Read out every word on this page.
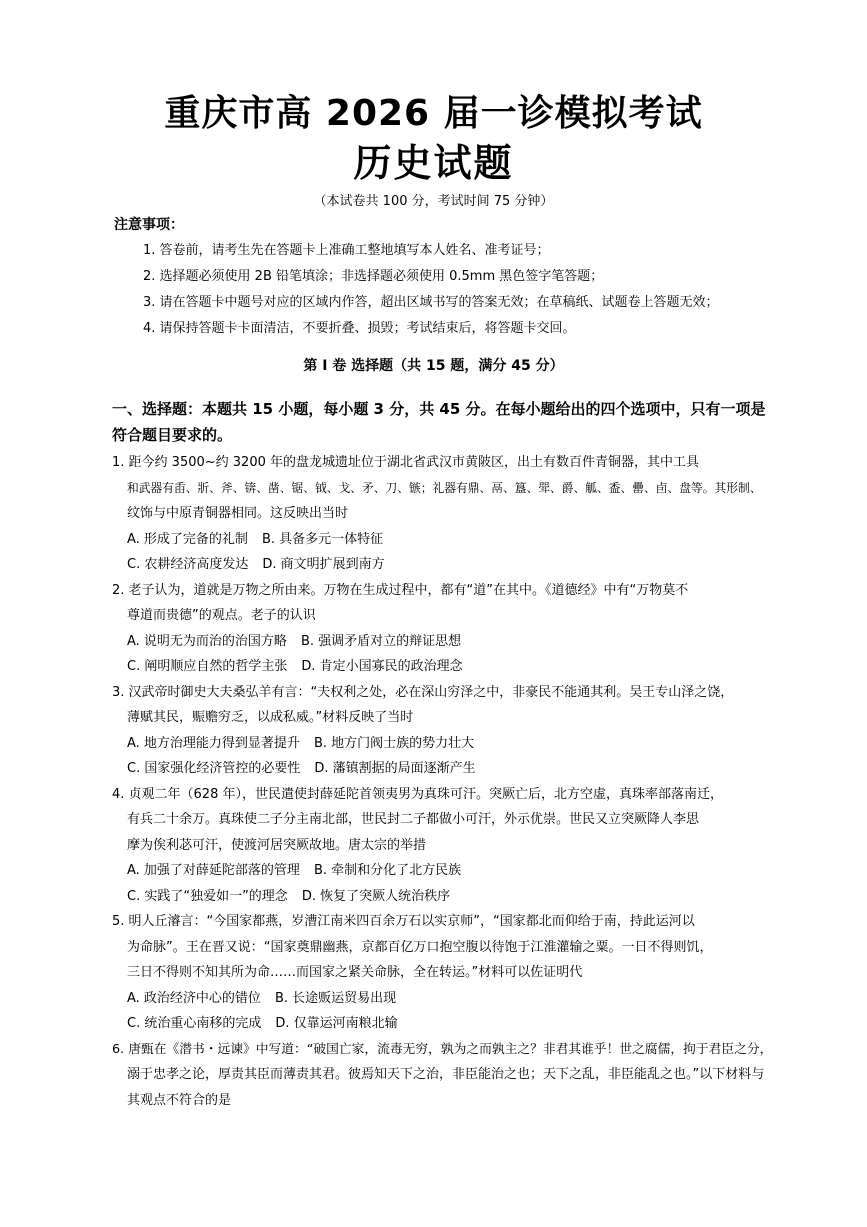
重庆市高 2026 届一诊模拟考试
历史试题
（本试卷共 100 分，考试时间 75 分钟）
注意事项：
1. 答卷前，请考生先在答题卡上准确工整地填写本人姓名、准考证号；
2. 选择题必须使用 2B 铅笔填涂；非选择题必须使用 0.5mm 黑色签字笔答题；
3. 请在答题卡中题号对应的区域内作答，超出区域书写的答案无效；在草稿纸、试题卷上答题无效；
4. 请保持答题卡卡面清洁，不要折叠、损毁；考试结束后，将答题卡交回。
第 Ⅰ 卷 选择题（共 15 题，满分 45 分）
一、选择题：本题共 15 小题，每小题 3 分，共 45 分。在每小题给出的四个选项中，只有一项是
符合题目要求的。
1. 距今约 3500~约 3200 年的盘龙城遗址位于湖北省武汉市黄陂区，出土有数百件青铜器，其中工具
和武器有臿、斨、斧、锛、凿、锯、钺、戈、矛、刀、镞；礼器有鼎、鬲、簋、斝、爵、觚、盉、罍、卣、盘等。其形制、
纹饰与中原青铜器相同。这反映出当时
A. 形成了完备的礼制 B. 具备多元一体特征
C. 农耕经济高度发达 D. 商文明扩展到南方
2. 老子认为，道就是万物之所由来。万物在生成过程中，都有“道”在其中。《道德经》中有“万物莫不
尊道而贵德”的观点。老子的认识
A. 说明无为而治的治国方略 B. 强调矛盾对立的辩证思想
C. 阐明顺应自然的哲学主张 D. 肯定小国寡民的政治理念
3. 汉武帝时御史大夫桑弘羊有言：“夫权利之处，必在深山穷泽之中，非豪民不能通其利。吴王专山泽之饶，
薄赋其民，赈赡穷乏，以成私威。”材料反映了当时
A. 地方治理能力得到显著提升 B. 地方门阀士族的势力壮大
C. 国家强化经济管控的必要性 D. 藩镇割据的局面逐渐产生
4. 贞观二年（628 年），世民遣使封薛延陀首领夷男为真珠可汗。突厥亡后，北方空虚，真珠率部落南迁，
有兵二十余万。真珠使二子分主南北部，世民封二子都做小可汗，外示优崇。世民又立突厥降人李思
摩为俟利苾可汗，使渡河居突厥故地。唐太宗的举措
A. 加强了对薛延陀部落的管理 B. 牵制和分化了北方民族
C. 实践了“独爱如一”的理念 D. 恢复了突厥人统治秩序
5. 明人丘濬言：“今国家都燕，岁漕江南米四百余万石以实京师”，“国家都北而仰给于南，持此运河以
为命脉”。王在晋又说：“国家奠鼎幽燕，京都百亿万口抱空腹以待饱于江淮灌输之粟。一日不得则饥，
三日不得则不知其所为命……而国家之紧关命脉，全在转运。”材料可以佐证明代
A. 政治经济中心的错位 B. 长途贩运贸易出现
C. 统治重心南移的完成 D. 仅靠运河南粮北输
6. 唐甄在《潜书・远谏》中写道：“破国亡家，流毒无穷，孰为之而孰主之？非君其谁乎！世之腐儒，拘于君臣之分，
溺于忠孝之论，厚责其臣而薄责其君。彼焉知天下之治，非臣能治之也；天下之乱，非臣能乱之也。”以下材料与
其观点不符合的是
